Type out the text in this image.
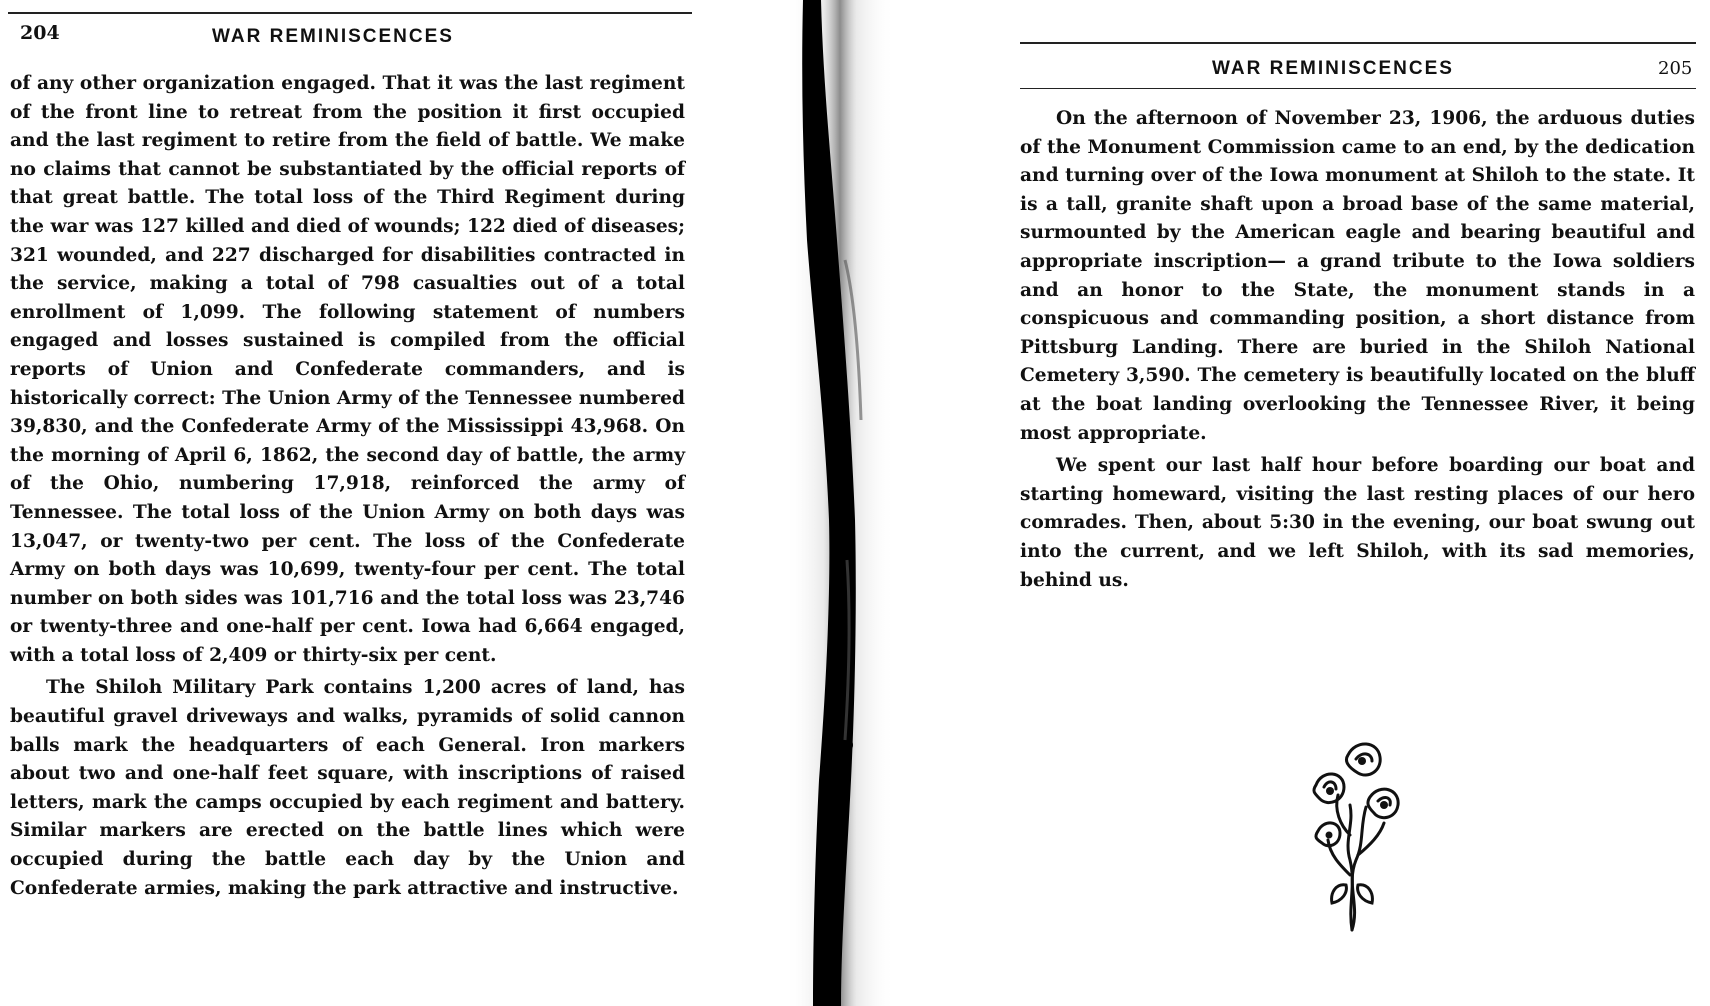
204	WAR REMINISCENCES

of any other organization engaged. That it was the last regiment of the front line to retreat from the position it first occupied and the last regiment to retire from the field of battle. We make no claims that cannot be substantiated by the official reports of that great battle. The total loss of the Third Regiment during the war was 127 killed and died of wounds; 122 died of diseases; 321 wounded, and 227 discharged for disabilities contracted in the service, making a total of 798 casualties out of a total enrollment of 1,099. The following statement of numbers engaged and losses sustained is compiled from the official reports of Union and Confederate commanders, and is historically correct: The Union Army of the Tennessee numbered 39,830, and the Confederate Army of the Mississippi 43,968. On the morning of April 6, 1862, the second day of battle, the army of the Ohio, numbering 17,918, reinforced the army of Tennessee. The total loss of the Union Army on both days was 13,047, or twenty-two per cent. The loss of the Confederate Army on both days was 10,699, twenty-four per cent. The total number on both sides was 101,716 and the total loss was 23,746 or twenty-three and one-half per cent. Iowa had 6,664 engaged, with a total loss of 2,409 or thirty-six per cent.

The Shiloh Military Park contains 1,200 acres of land, has beautiful gravel driveways and walks, pyramids of solid cannon balls mark the headquarters of each General. Iron markers about two and one-half feet square, with inscriptions of raised letters, mark the camps occupied by each regiment and battery. Similar markers are erected on the battle lines which were occupied during the battle each day by the Union and Confederate armies, making the park attractive and instructive.

WAR REMINISCENCES	205

On the afternoon of November 23, 1906, the arduous duties of the Monument Commission came to an end, by the dedication and turning over of the Iowa monument at Shiloh to the state. It is a tall, granite shaft upon a broad base of the same material, surmounted by the American eagle and bearing beautiful and appropriate inscription— a grand tribute to the Iowa soldiers and an honor to the State, the monument stands in a conspicuous and commanding position, a short distance from Pittsburg Landing. There are buried in the Shiloh National Cemetery 3,590. The cemetery is beautifully located on the bluff at the boat landing overlooking the Tennessee River, it being most appropriate.

We spent our last half hour before boarding our boat and starting homeward, visiting the last resting places of our hero comrades. Then, about 5:30 in the evening, our boat swung out into the current, and we left Shiloh, with its sad memories, behind us.
